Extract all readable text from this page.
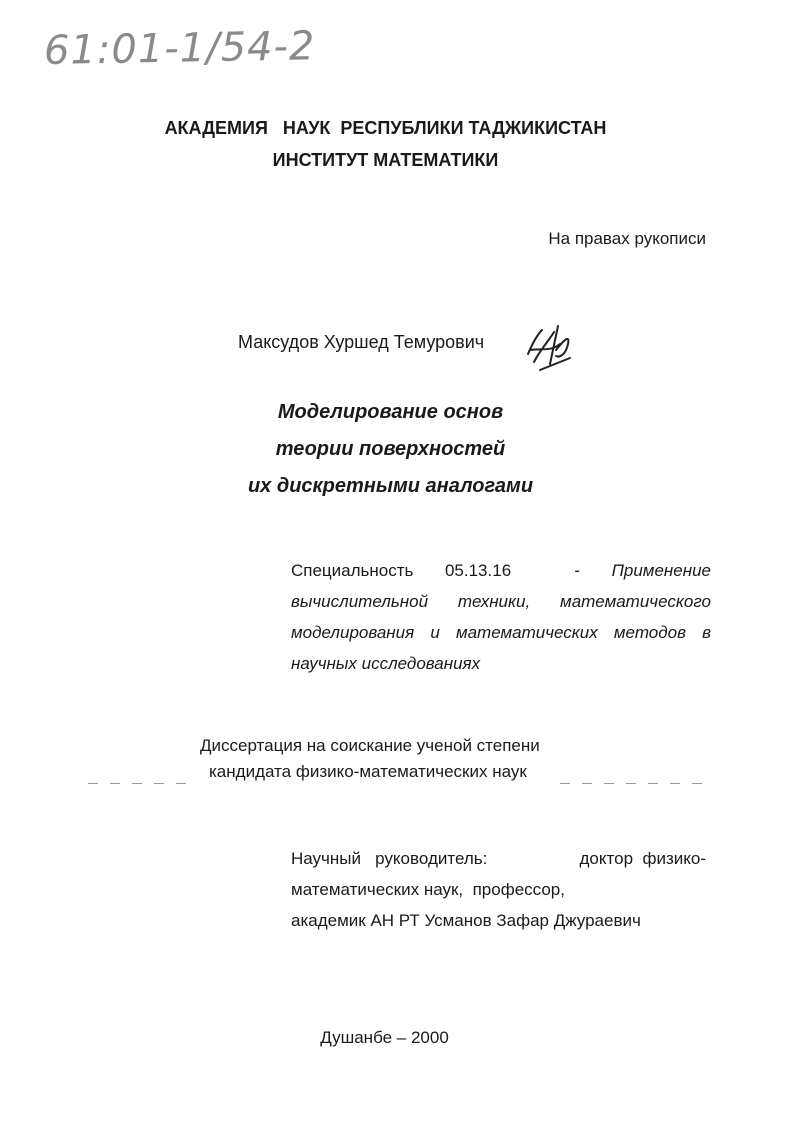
61:01-1/54-2
АКАДЕМИЯ   НАУК  РЕСПУБЛИКИ ТАДЖИКИСТАН
ИНСТИТУТ МАТЕМАТИКИ
На правах рукописи
Максудов Хуршед Темурович
Моделирование основ
теории поверхностей
их дискретными аналогами
Специальность 05.13.16  - Применение вычислительной техники, математического моделирования и математических методов в научных исследованиях
Диссертация на соискание ученой степени
кандидата физико-математических наук
Научный   руководитель:	доктор  физико-
математических наук,  профессор,
академик АН РТ Усманов Зафар Джураевич
Душанбе – 2000
